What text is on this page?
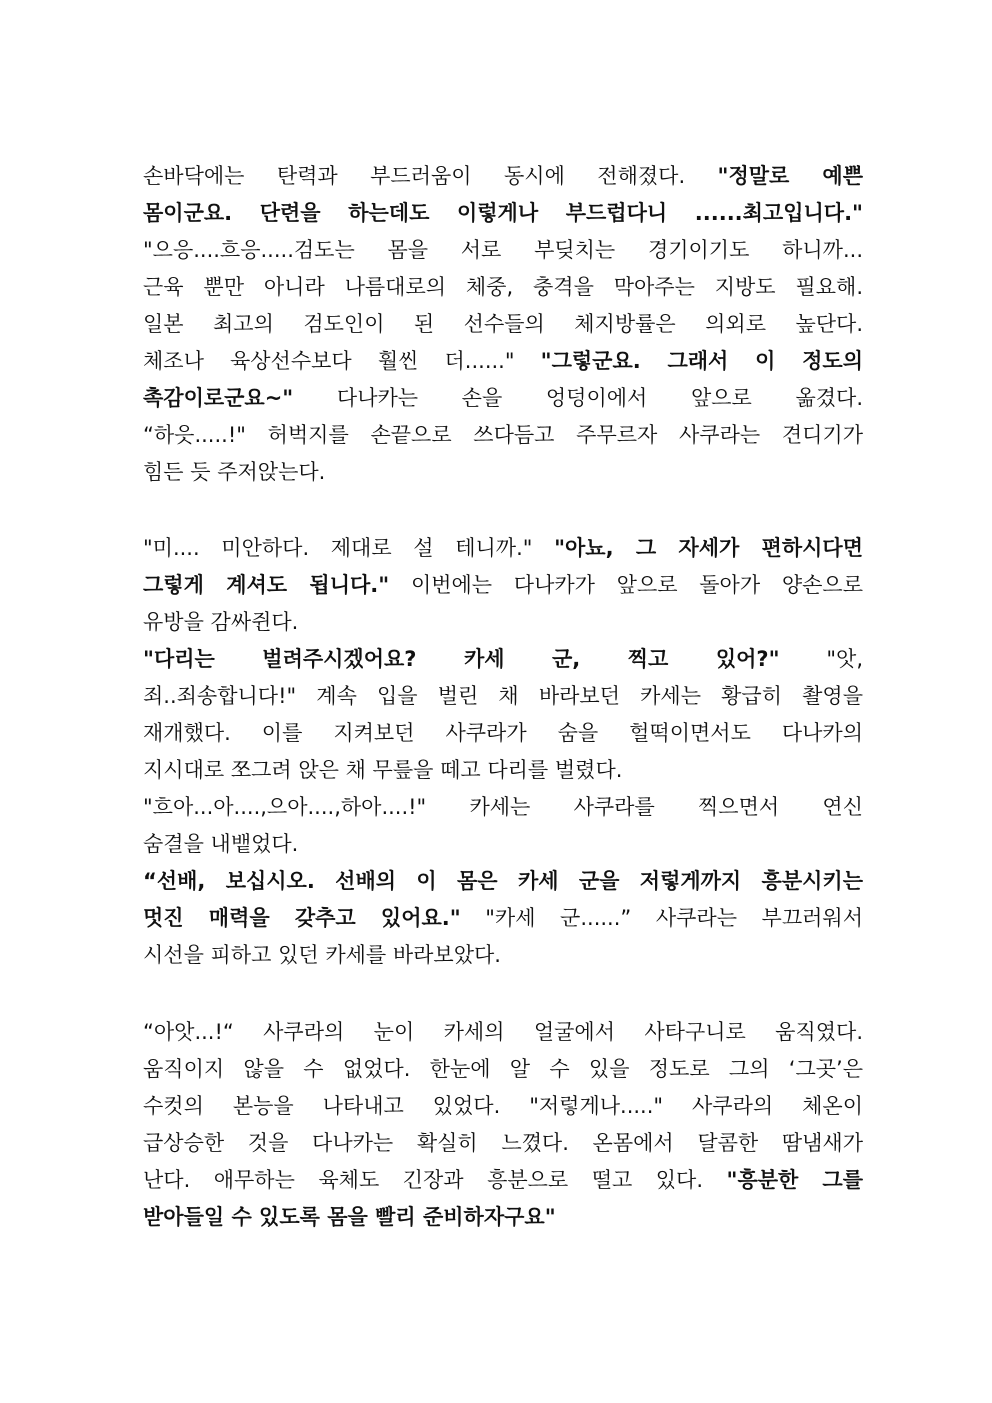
손바닥에는 탄력과 부드러움이 동시에 전해졌다. "정말로 예쁜
몸이군요. 단련을 하는데도 이렇게나 부드럽다니 ......최고입니다."
"으응....흐응.....검도는 몸을 서로 부딪치는 경기이기도 하니까...
근육 뿐만 아니라 나름대로의 체중, 충격을 막아주는 지방도 필요해.
일본 최고의 검도인이 된 선수들의 체지방률은 의외로 높단다.
체조나 육상선수보다 훨씬 더......" "그렇군요. 그래서 이 정도의
촉감이로군요~" 다나카는 손을 엉덩이에서 앞으로 옮겼다.
“하읏.....!" 허벅지를 손끝으로 쓰다듬고 주무르자 사쿠라는 견디기가
힘든 듯 주저앉는다.
"미.... 미안하다. 제대로 설 테니까." "아뇨, 그 자세가 편하시다면
그렇게 계셔도 됩니다." 이번에는 다나카가 앞으로 돌아가 양손으로
유방을 감싸쥔다.
"다리는 벌려주시겠어요? 카세 군, 찍고 있어?" "앗,
죄..죄송합니다!" 계속 입을 벌린 채 바라보던 카세는 황급히 촬영을
재개했다. 이를 지켜보던 사쿠라가 숨을 헐떡이면서도 다나카의
지시대로 쪼그려 앉은 채 무릎을 떼고 다리를 벌렸다.
"흐아...아....,으아....,하아....!" 카세는 사쿠라를 찍으면서 연신
숨결을 내뱉었다.
“선배, 보십시오. 선배의 이 몸은 카세 군을 저렇게까지 흥분시키는
멋진 매력을 갖추고 있어요." "카세 군......” 사쿠라는 부끄러워서
시선을 피하고 있던 카세를 바라보았다.
“아앗...!“ 사쿠라의 눈이 카세의 얼굴에서 사타구니로 움직였다.
움직이지 않을 수 없었다. 한눈에 알 수 있을 정도로 그의 ‘그곳’은
수컷의 본능을 나타내고 있었다. "저렇게나....." 사쿠라의 체온이
급상승한 것을 다나카는 확실히 느꼈다. 온몸에서 달콤한 땀냄새가
난다. 애무하는 육체도 긴장과 흥분으로 떨고 있다. "흥분한 그를
받아들일 수 있도록 몸을 빨리 준비하자구요"
